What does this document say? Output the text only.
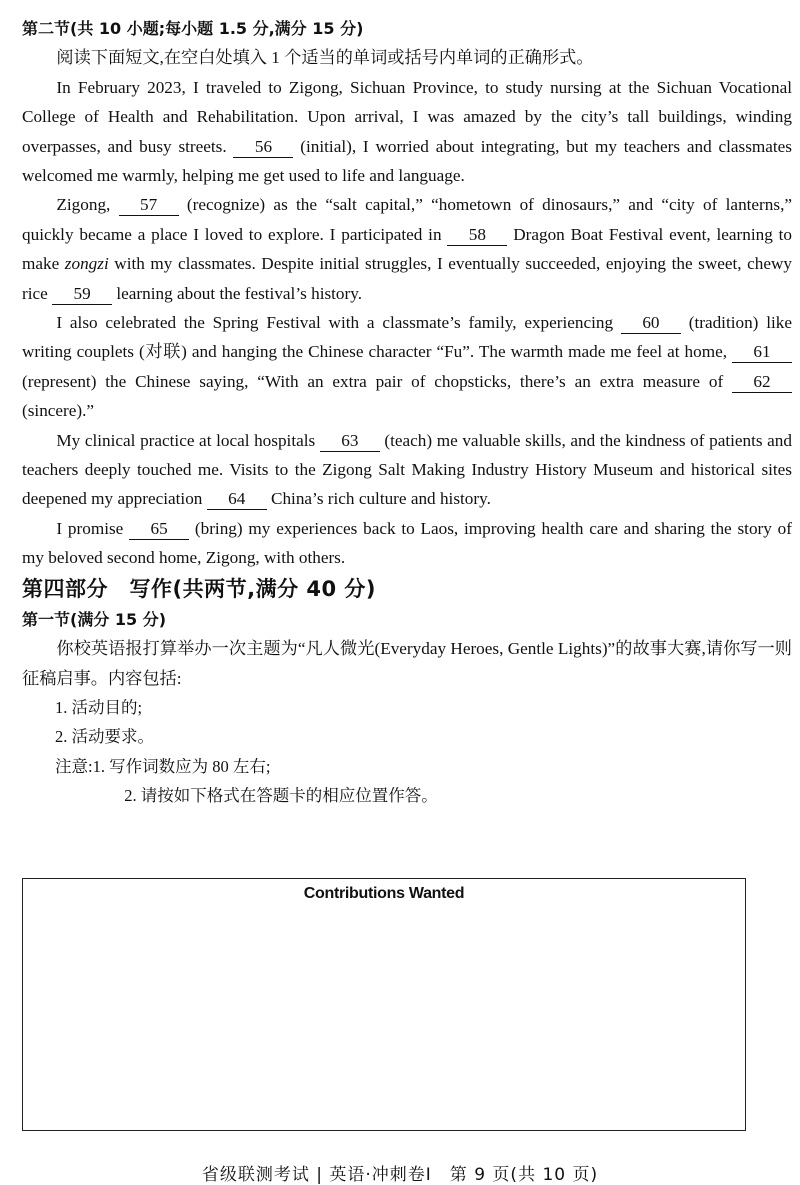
第二节(共 10 小题;每小题 1.5 分,满分 15 分)

阅读下面短文,在空白处填入 1 个适当的单词或括号内单词的正确形式。

In February 2023, I traveled to Zigong, Sichuan Province, to study nursing at the Sichuan Vocational College of Health and Rehabilitation. Upon arrival, I was amazed by the city’s tall buildings, winding overpasses, and busy streets. 56 (initial), I worried about integrating, but my teachers and classmates welcomed me warmly, helping me get used to life and language.

Zigong, 57 (recognize) as the “salt capital,” “hometown of dinosaurs,” and “city of lanterns,” quickly became a place I loved to explore. I participated in 58 Dragon Boat Festival event, learning to make zongzi with my classmates. Despite initial struggles, I eventually succeeded, enjoying the sweet, chewy rice 59 learning about the festival’s history.

I also celebrated the Spring Festival with a classmate’s family, experiencing 60 (tradition) like writing couplets (对联) and hanging the Chinese character “Fu”. The warmth made me feel at home, 61 (represent) the Chinese saying, “With an extra pair of chopsticks, there’s an extra measure of 62 (sincere).”

My clinical practice at local hospitals 63 (teach) me valuable skills, and the kindness of patients and teachers deeply touched me. Visits to the Zigong Salt Making Industry History Museum and historical sites deepened my appreciation 64 China’s rich culture and history.

I promise 65 (bring) my experiences back to Laos, improving health care and sharing the story of my beloved second home, Zigong, with others.

第四部分　写作(共两节,满分 40 分)
第一节(满分 15 分)

你校英语报打算举办一次主题为“凡人微光(Everyday Heroes, Gentle Lights)”的故事大赛,请你写一则征稿启事。内容包括:

1. 活动目的;
2. 活动要求。
注意:1. 写作词数应为 80 左右;
2. 请按如下格式在答题卡的相应位置作答。
Contributions Wanted
省级联测考试 | 英语·冲刺卷Ⅰ　第 9 页(共 10 页)
